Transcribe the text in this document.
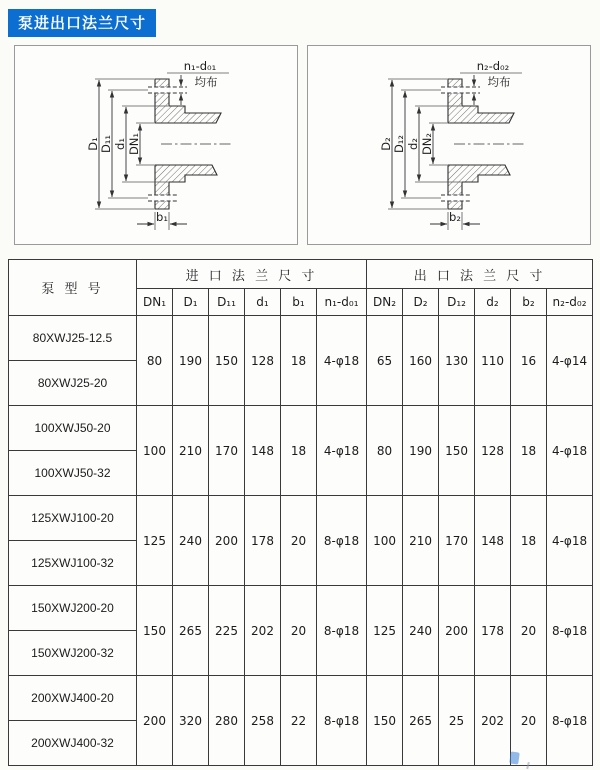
泵进出口法兰尺寸
D₁ D₁₁ d₁ DN₁
n₁-d₀₁
均布
b₁
D₂ D₁₂ d₂ DN₂
n₂-d₀₂
均布
b₂
泵 型 号	进 口 法 兰 尺 寸						出 口 法 兰 尺 寸					
	DN₁	D₁	D₁₁	d₁	b₁	n₁-d₀₁	DN₂	D₂	D₁₂	d₂	b₂	n₂-d₀₂
80XWJ25-12.5	80	190	150	128	18	4-φ18	65	160	130	110	16	4-φ14
80XWJ25-20												
100XWJ50-20	100	210	170	148	18	4-φ18	80	190	150	128	18	4-φ18
100XWJ50-32												
125XWJ100-20	125	240	200	178	20	8-φ18	100	210	170	148	18	4-φ18
125XWJ100-32												
150XWJ200-20	150	265	225	202	20	8-φ18	125	240	200	178	20	8-φ18
150XWJ200-32												
200XWJ400-20	200	320	280	258	22	8-φ18	150	265	25	202	20	8-φ18
200XWJ400-32												
